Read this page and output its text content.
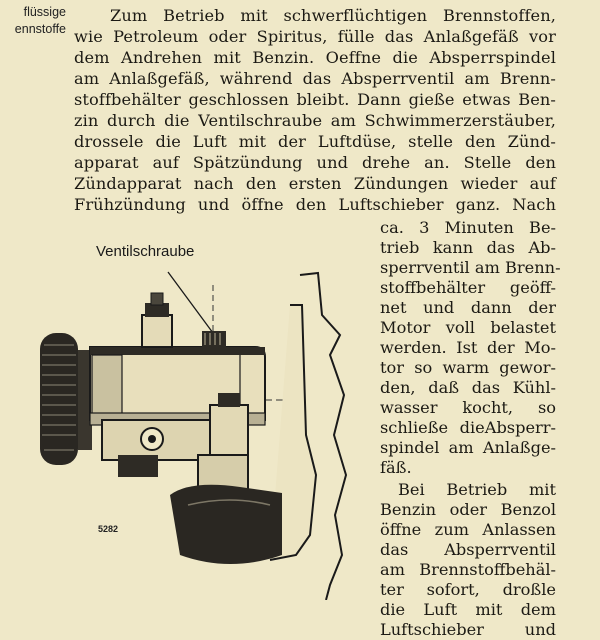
flüssige
ennstoffe
Zum Betrieb mit schwerflüchtigen Brennstoffen,
wie Petroleum oder Spiritus, fülle das Anlaßgefäß vor
dem Andrehen mit Benzin. Oeffne die Absperrspindel
am Anlaßgefäß, während das Absperrventil am Brenn-
stoffbehälter geschlossen bleibt. Dann gieße etwas Ben-
zin durch die Ventilschraube am Schwimmerzerstäuber,
drossele die Luft mit der Luftdüse, stelle den Zünd-
apparat auf Spätzündung und drehe an. Stelle den
Zündapparat nach den ersten Zündungen wieder auf
Frühzündung und öffne den Luftschieber ganz. Nach
ca. 3 Minuten Be-
trieb kann das Ab-
sperrventil am Brenn-
stoffbehälter geöff-
net und dann der
Motor voll belastet
werden. Ist der Mo-
tor so warm gewor-
den, daß das Kühl-
wasser kocht, so
schließe dieAbsperr-
spindel am Anlaßge-
fäß.
Bei Betrieb mit
Benzin oder Benzol
öffne zum Anlassen
das Absperrventil
am Brennstoffbehäl-
ter sofort, droßle
die Luft mit dem
Luftschieber und
Ventilschraube
5282
